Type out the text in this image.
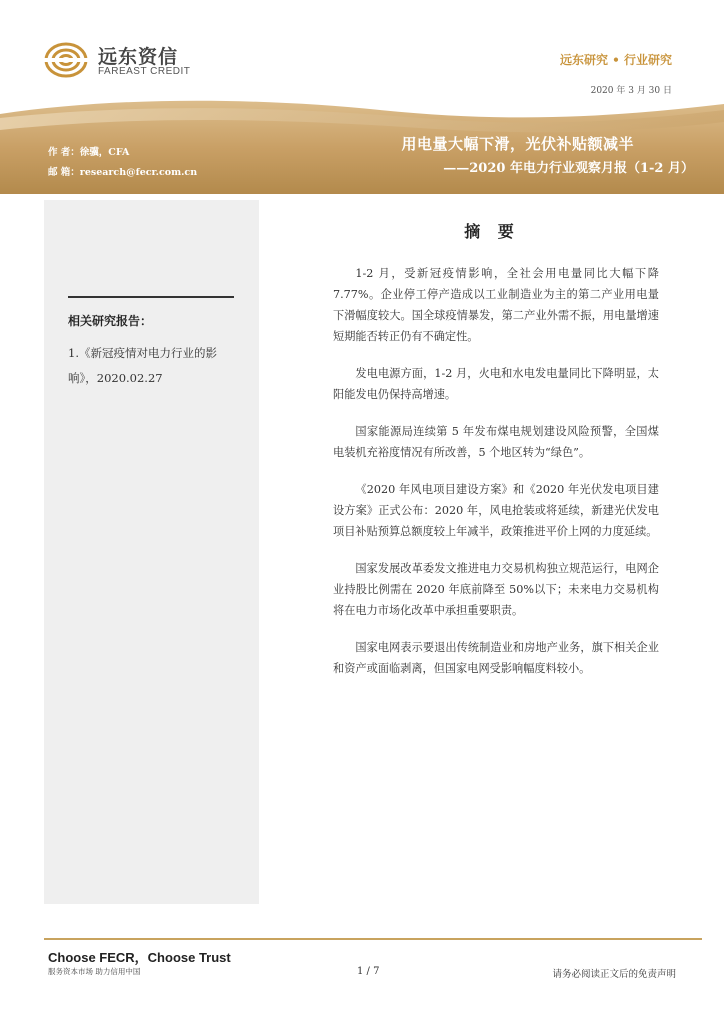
远东资信
FAREAST CREDIT
远东研究 • 行业研究
2020 年 3 月 30 日
作 者：徐骥，CFA
邮 箱：research@fecr.com.cn
用电量大幅下滑，光伏补贴额减半
——2020 年电力行业观察月报（1-2 月）
相关研究报告：
1.《新冠疫情对电力行业的影响》，2020.02.27
摘 要

1-2 月，受新冠疫情影响，全社会用电量同比大幅下降 7.77%。企业停工停产造成以工业制造业为主的第二产业用电量下滑幅度较大。国全球疫情暴发，第二产业外需不振，用电量增速短期能否转正仍有不确定性。

发电电源方面，1-2 月，火电和水电发电量同比下降明显，太阳能发电仍保持高增速。

国家能源局连续第 5 年发布煤电规划建设风险预警，全国煤电装机充裕度情况有所改善，5 个地区转为“绿色”。

《2020 年风电项目建设方案》和《2020 年光伏发电项目建设方案》正式公布：2020 年，风电抢装或将延续，新建光伏发电项目补贴预算总额度较上年减半，政策推进平价上网的力度延续。

国家发展改革委发文推进电力交易机构独立规范运行，电网企业持股比例需在 2020 年底前降至 50%以下；未来电力交易机构将在电力市场化改革中承担重要职责。

国家电网表示要退出传统制造业和房地产业务，旗下相关企业和资产或面临剥离，但国家电网受影响幅度料较小。

Choose FECR，Choose Trust
服务资本市场 助力信用中国	1 / 7	请务必阅读正文后的免责声明
